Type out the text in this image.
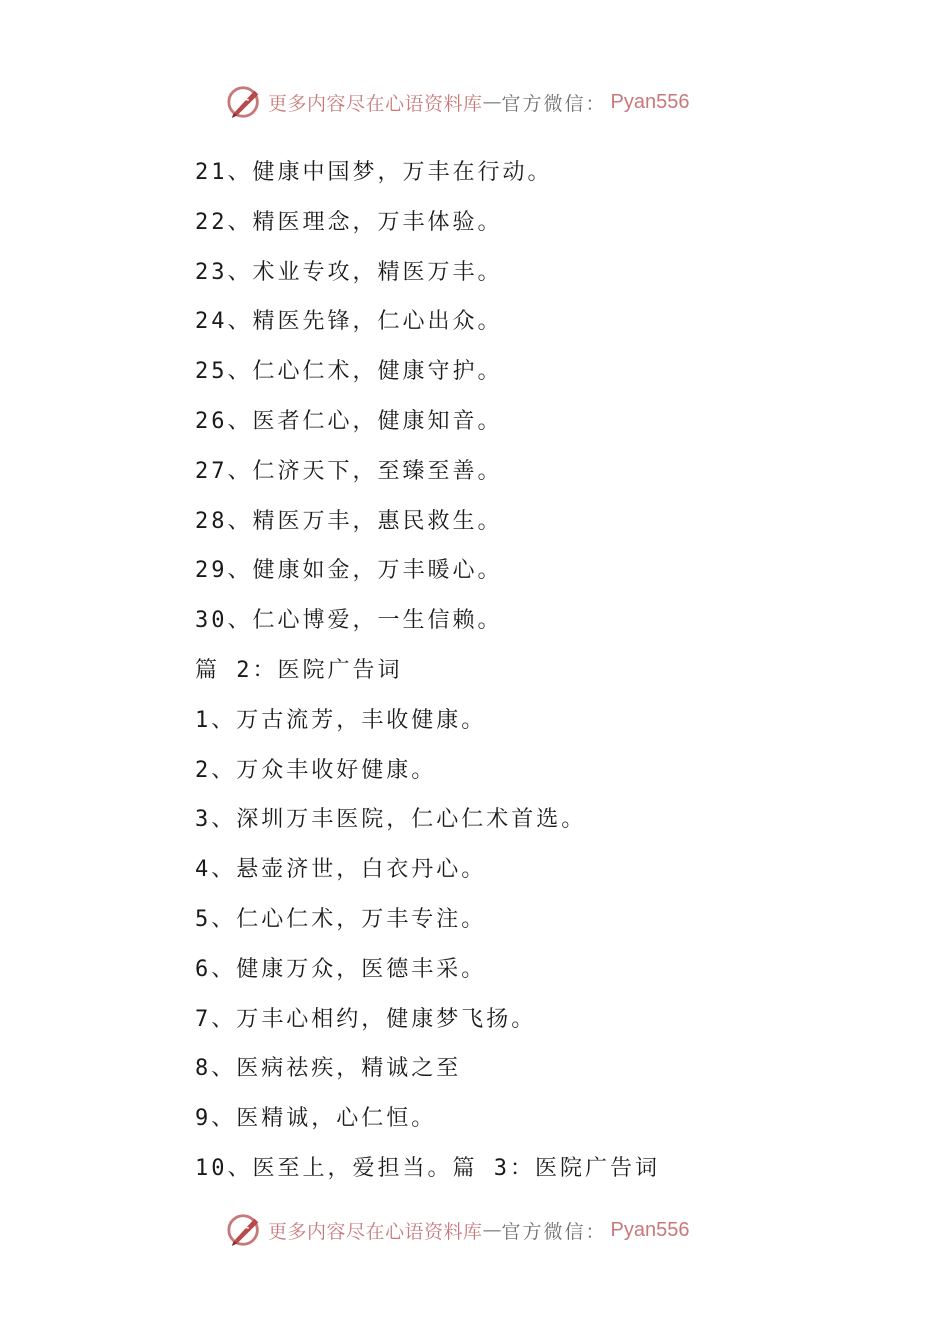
更多内容尽在心语资料库 — 官方微信： Pyan556
21、健康中国梦，万丰在行动。
22、精医理念，万丰体验。
23、术业专攻，精医万丰。
24、精医先锋，仁心出众。
25、仁心仁术，健康守护。
26、医者仁心，健康知音。
27、仁济天下，至臻至善。
28、精医万丰，惠民救生。
29、健康如金，万丰暖心。
30、仁心博爱，一生信赖。
篇 2：医院广告词
1、万古流芳，丰收健康。
2、万众丰收好健康。
3、深圳万丰医院，仁心仁术首选。
4、悬壶济世，白衣丹心。
5、仁心仁术，万丰专注。
6、健康万众，医德丰采。
7、万丰心相约，健康梦飞扬。
8、医病祛疾，精诚之至
9、医精诚，心仁恒。
10、医至上，爱担当。篇 3：医院广告词
更多内容尽在心语资料库 — 官方微信： Pyan556
